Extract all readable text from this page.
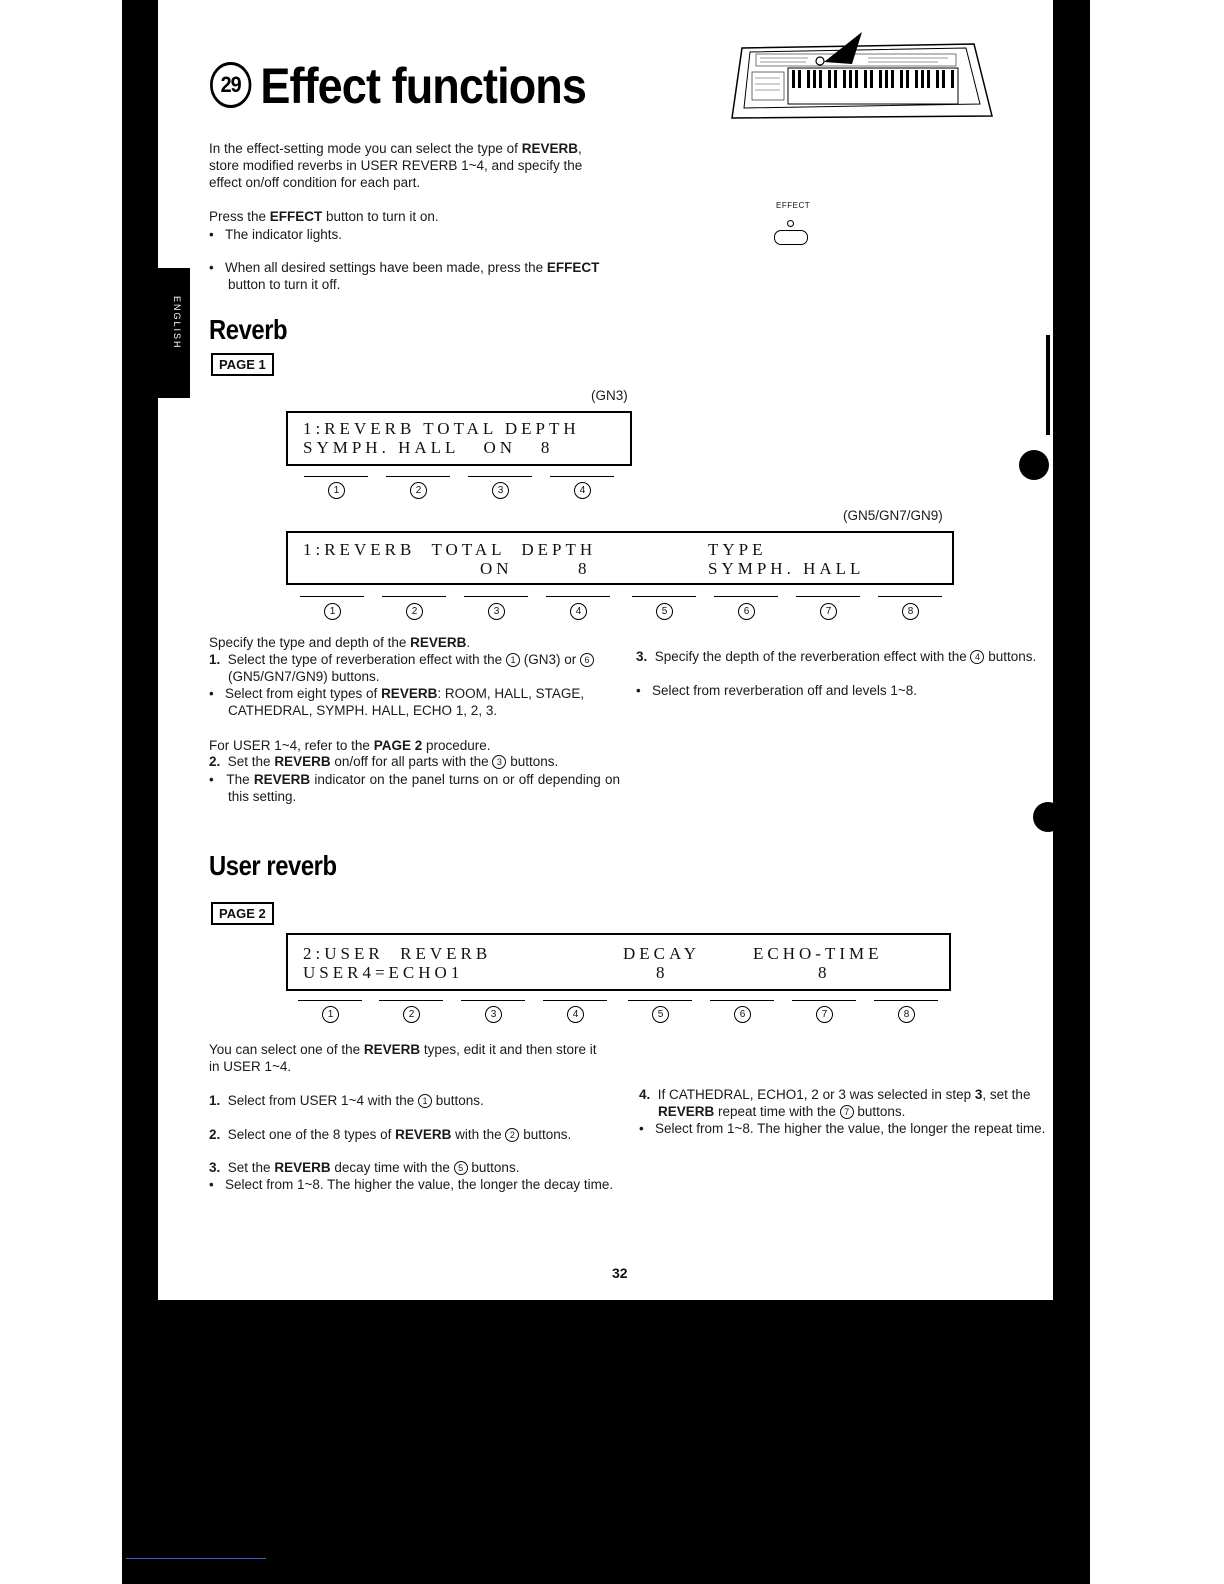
ENGLISH
29 Effect functions
EFFECT
In the effect-setting mode you can select the type of REVERB, store modified reverbs in USER REVERB 1~4, and specify the effect on/off condition for each part.
Press the EFFECT button to turn it on.
•   The indicator lights.
•   When all desired settings have been made, press the EFFECT button to turn it off.
Reverb
PAGE 1
(GN3)
1:REVERB TOTAL DEPTH
SYMPH. HALL   ON   8
1	2	3	4
(GN5/GN7/GN9)
1:REVERB  TOTAL  DEPTH	TYPE
ON	8	SYMPH. HALL
1	2	3	4	5	6	7	8
Specify the type and depth of the REVERB.
1. Select the type of reverberation effect with the 1 (GN3) or 6 (GN5/GN7/GN9) buttons.
•   Select from eight types of REVERB: ROOM, HALL, STAGE, CATHEDRAL, SYMPH. HALL, ECHO 1, 2, 3.
For USER 1~4, refer to the PAGE 2 procedure.
2. Set the REVERB on/off for all parts with the 3 buttons.
•   The REVERB indicator on the panel turns on or off depending on this setting.
3. Specify the depth of the reverberation effect with the 4 buttons.
•   Select from reverberation off and levels 1~8.
User reverb
PAGE 2
2:USER  REVERB	DECAY	ECHO-TIME
USER4=ECHO1	8	8
1	2	3	4	5	6	7	8
You can select one of the REVERB types, edit it and then store it in USER 1~4.
1. Select from USER 1~4 with the 1 buttons.
2. Select one of the 8 types of REVERB with the 2 buttons.
3. Set the REVERB decay time with the 5 buttons.
•   Select from 1~8. The higher the value, the longer the decay time.
4. If CATHEDRAL, ECHO1, 2 or 3 was selected in step 3, set the REVERB repeat time with the 7 buttons.
•   Select from 1~8. The higher the value, the longer the repeat time.
32
